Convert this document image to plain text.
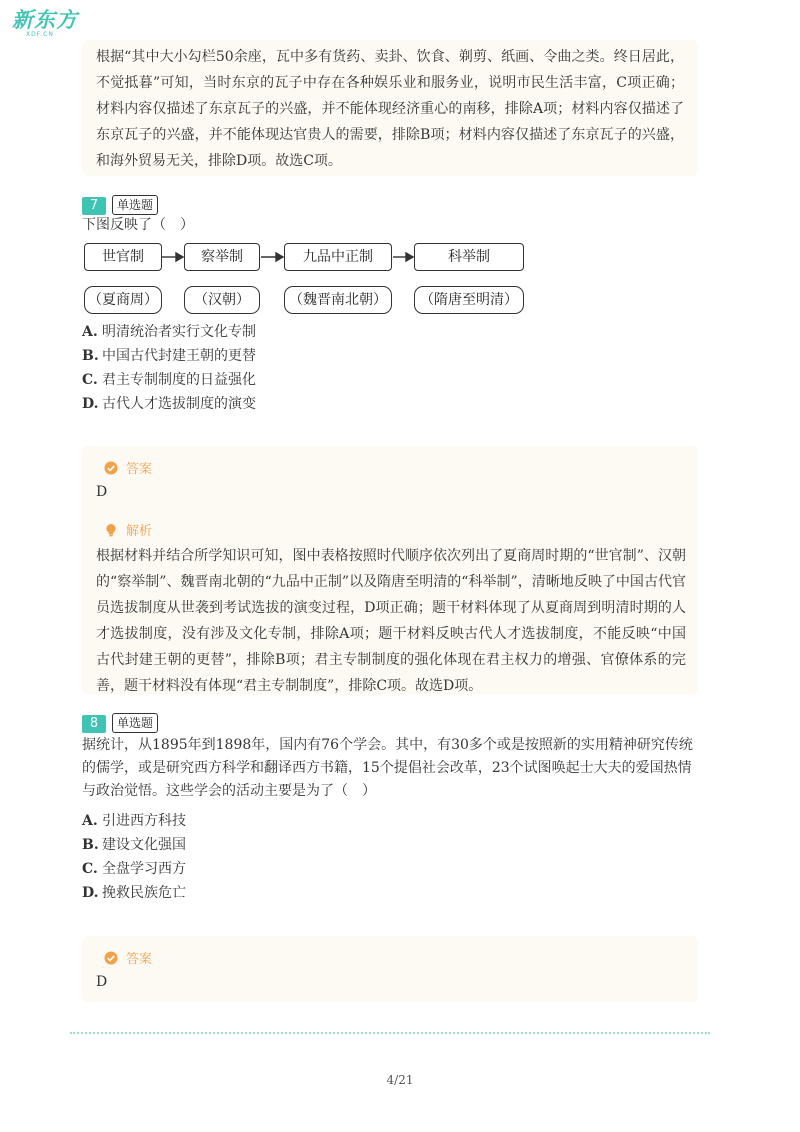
新东方
XDF.CN
根据“其中大小勾栏50余座，瓦中多有货药、卖卦、饮食、剃剪、纸画、令曲之类。终日居此，不觉抵暮”可知，当时东京的瓦子中存在各种娱乐业和服务业，说明市民生活丰富，C项正确；材料内容仅描述了东京瓦子的兴盛，并不能体现经济重心的南移，排除A项；材料内容仅描述了东京瓦子的兴盛，并不能体现达官贵人的需要，排除B项；材料内容仅描述了东京瓦子的兴盛，和海外贸易无关，排除D项。故选C项。
7	单选题
下图反映了（　）
世官制	察举制	九品中正制	科举制
（夏商周）	（汉朝）	（魏晋南北朝）	（隋唐至明清）
A. 明清统治者实行文化专制
B. 中国古代封建王朝的更替
C. 君主专制制度的日益强化
D. 古代人才选拔制度的演变
答案
D
解析
根据材料并结合所学知识可知，图中表格按照时代顺序依次列出了夏商周时期的“世官制”、汉朝的“察举制”、魏晋南北朝的“九品中正制”以及隋唐至明清的“科举制”，清晰地反映了中国古代官员选拔制度从世袭到考试选拔的演变过程，D项正确；题干材料体现了从夏商周到明清时期的人才选拔制度，没有涉及文化专制，排除A项；题干材料反映古代人才选拔制度，不能反映“中国古代封建王朝的更替”，排除B项；君主专制制度的强化体现在君主权力的增强、官僚体系的完善，题干材料没有体现“君主专制制度”，排除C项。故选D项。
8	单选题
据统计，从1895年到1898年，国内有76个学会。其中，有30多个或是按照新的实用精神研究传统的儒学，或是研究西方科学和翻译西方书籍，15个提倡社会改革，23个试图唤起士大夫的爱国热情与政治觉悟。这些学会的活动主要是为了（　）
A. 引进西方科技
B. 建设文化强国
C. 全盘学习西方
D. 挽救民族危亡
答案
D
4/21
